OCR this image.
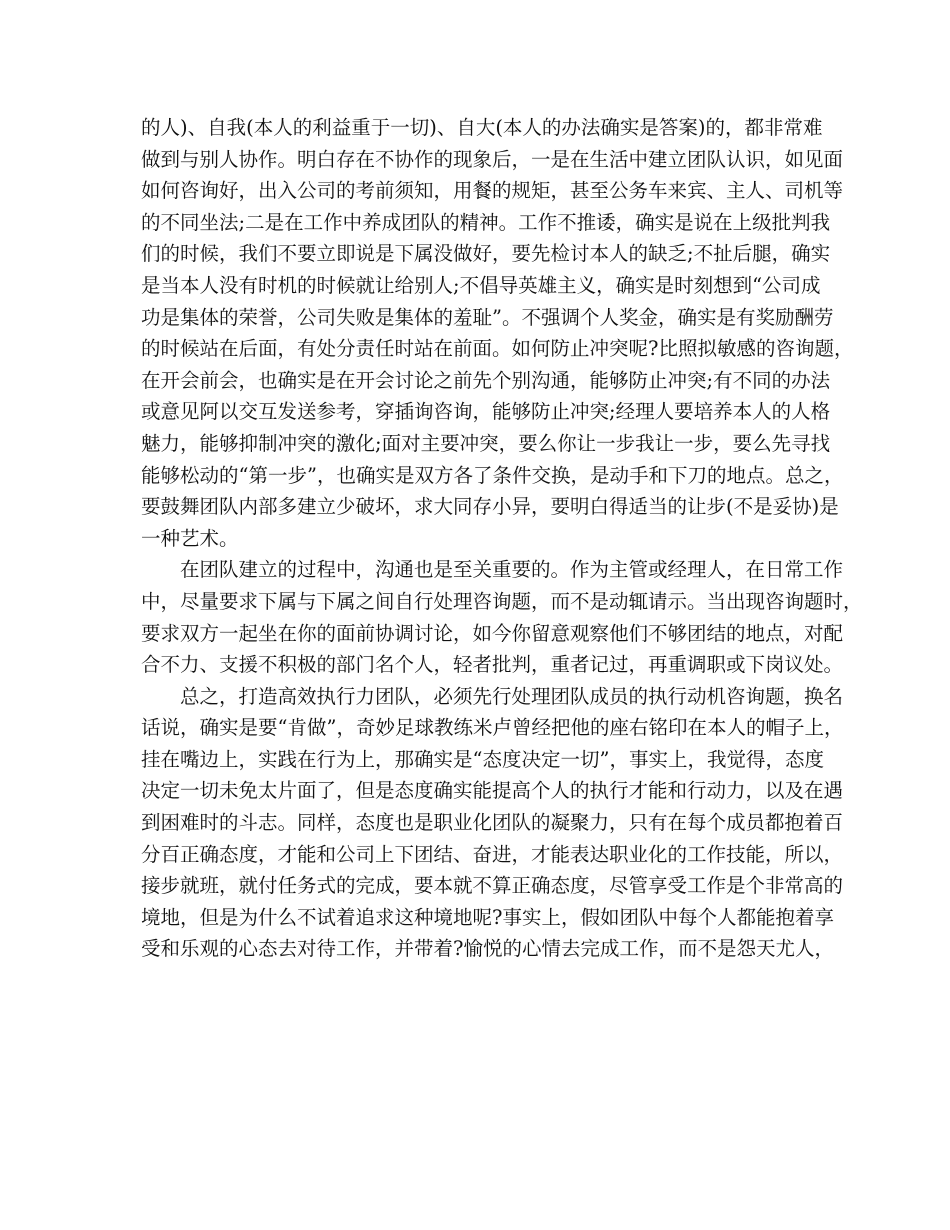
的人)、自我(本人的利益重于一切)、自大(本人的办法确实是答案)的，都非常难
做到与别人协作。明白存在不协作的现象后，一是在生活中建立团队认识，如见面
如何咨询好，出入公司的考前须知，用餐的规矩，甚至公务车来宾、主人、司机等
的不同坐法;二是在工作中养成团队的精神。工作不推诿，确实是说在上级批判我
们的时候，我们不要立即说是下属没做好，要先检讨本人的缺乏;不扯后腿，确实
是当本人没有时机的时候就让给别人;不倡导英雄主义，确实是时刻想到“公司成
功是集体的荣誉，公司失败是集体的羞耻”。不强调个人奖金，确实是有奖励酬劳
的时候站在后面，有处分责任时站在前面。如何防止冲突呢?比照拟敏感的咨询题，
在开会前会，也确实是在开会讨论之前先个别沟通，能够防止冲突;有不同的办法
或意见阿以交互发送参考，穿插询咨询，能够防止冲突;经理人要培养本人的人格
魅力，能够抑制冲突的激化;面对主要冲突，要么你让一步我让一步，要么先寻找
能够松动的“第一步”，也确实是双方各了条件交换，是动手和下刀的地点。总之，
要鼓舞团队内部多建立少破坏，求大同存小异，要明白得适当的让步(不是妥协)是
一种艺术。
在团队建立的过程中，沟通也是至关重要的。作为主管或经理人，在日常工作
中，尽量要求下属与下属之间自行处理咨询题，而不是动辄请示。当出现咨询题时，
要求双方一起坐在你的面前协调讨论，如今你留意观察他们不够团结的地点，对配
合不力、支援不积极的部门名个人，轻者批判，重者记过，再重调职或下岗议处。
总之，打造高效执行力团队，必须先行处理团队成员的执行动机咨询题，换名
话说，确实是要“肯做”，奇妙足球教练米卢曾经把他的座右铭印在本人的帽子上，
挂在嘴边上，实践在行为上，那确实是“态度决定一切”，事实上，我觉得，态度
决定一切未免太片面了，但是态度确实能提高个人的执行才能和行动力，以及在遇
到困难时的斗志。同样，态度也是职业化团队的凝聚力，只有在每个成员都抱着百
分百正确态度，才能和公司上下团结、奋进，才能表达职业化的工作技能，所以，
接步就班，就付任务式的完成，要本就不算正确态度，尽管享受工作是个非常高的
境地，但是为什么不试着追求这种境地呢?事实上，假如团队中每个人都能抱着享
受和乐观的心态去对待工作，并带着?愉悦的心情去完成工作，而不是怨天尤人，
